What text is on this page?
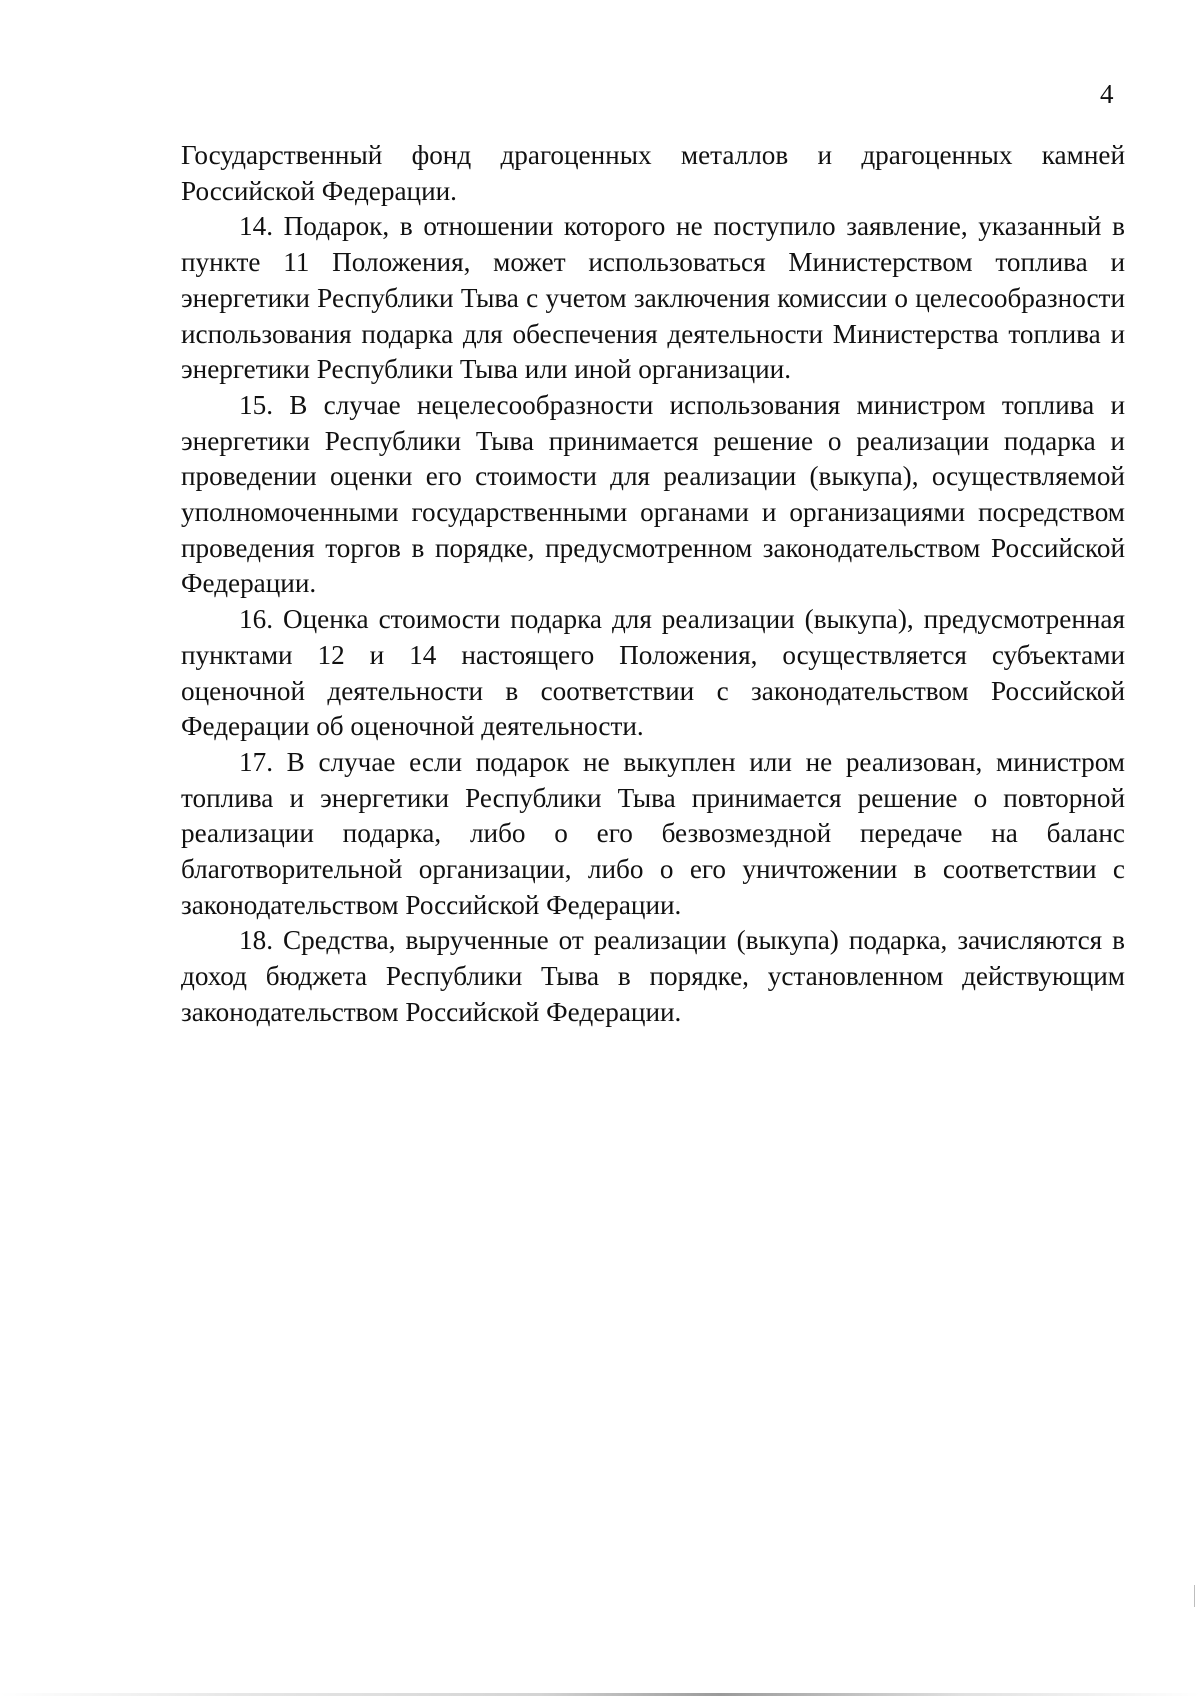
4

Государственный фонд драгоценных металлов и драгоценных камней Российской Федерации.

14. Подарок, в отношении которого не поступило заявление, указанный в пункте 11 Положения, может использоваться Министерством топлива и энергетики Республики Тыва с учетом заключения комиссии о целесообразности использования подарка для обеспечения деятельности Министерства топлива и энергетики Республики Тыва или иной организации.

15. В случае нецелесообразности использования министром топлива и энергетики Республики Тыва принимается решение о реализации подарка и проведении оценки его стоимости для реализации (выкупа), осуществляемой уполномоченными государственными органами и организациями посредством проведения торгов в порядке, предусмотренном законодательством Российской Федерации.

16. Оценка стоимости подарка для реализации (выкупа), предусмотренная пунктами 12 и 14 настоящего Положения, осуществляется субъектами оценочной деятельности в соответствии с законодательством Российской Федерации об оценочной деятельности.

17. В случае если подарок не выкуплен или не реализован, министром топлива и энергетики Республики Тыва принимается решение о повторной реализации подарка, либо о его безвозмездной передаче на баланс благотворительной организации, либо о его уничтожении в соответствии с законодательством Российской Федерации.

18. Средства, вырученные от реализации (выкупа) подарка, зачисляются в доход бюджета Республики Тыва в порядке, установленном действующим законодательством Российской Федерации.
